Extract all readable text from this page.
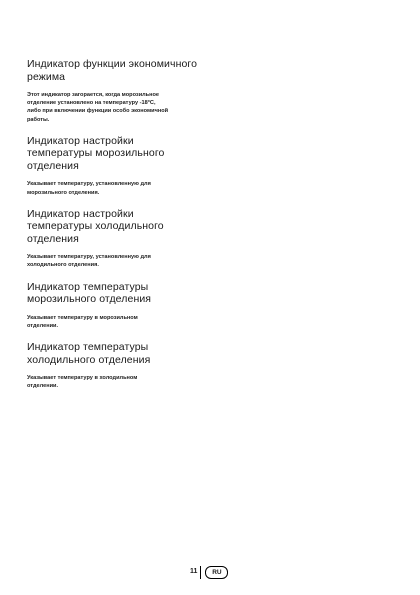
Индикатор функции экономичного
режима

Этот индикатор загорается, когда морозильное
отделение установлено на температуру -18°С,
либо при включении функции особо экономичной
работы.

Индикатор настройки
температуры морозильного
отделения

Указывает температуру, установленную для
морозильного отделения.

Индикатор настройки
температуры холодильного
отделения

Указывает температуру, установленную для
холодильного отделения.

Индикатор температуры
морозильного отделения

Указывает температуру в морозильном
отделении.

Индикатор температуры
холодильного отделения

Указывает температуру в холодильном
отделении.

11	RU
